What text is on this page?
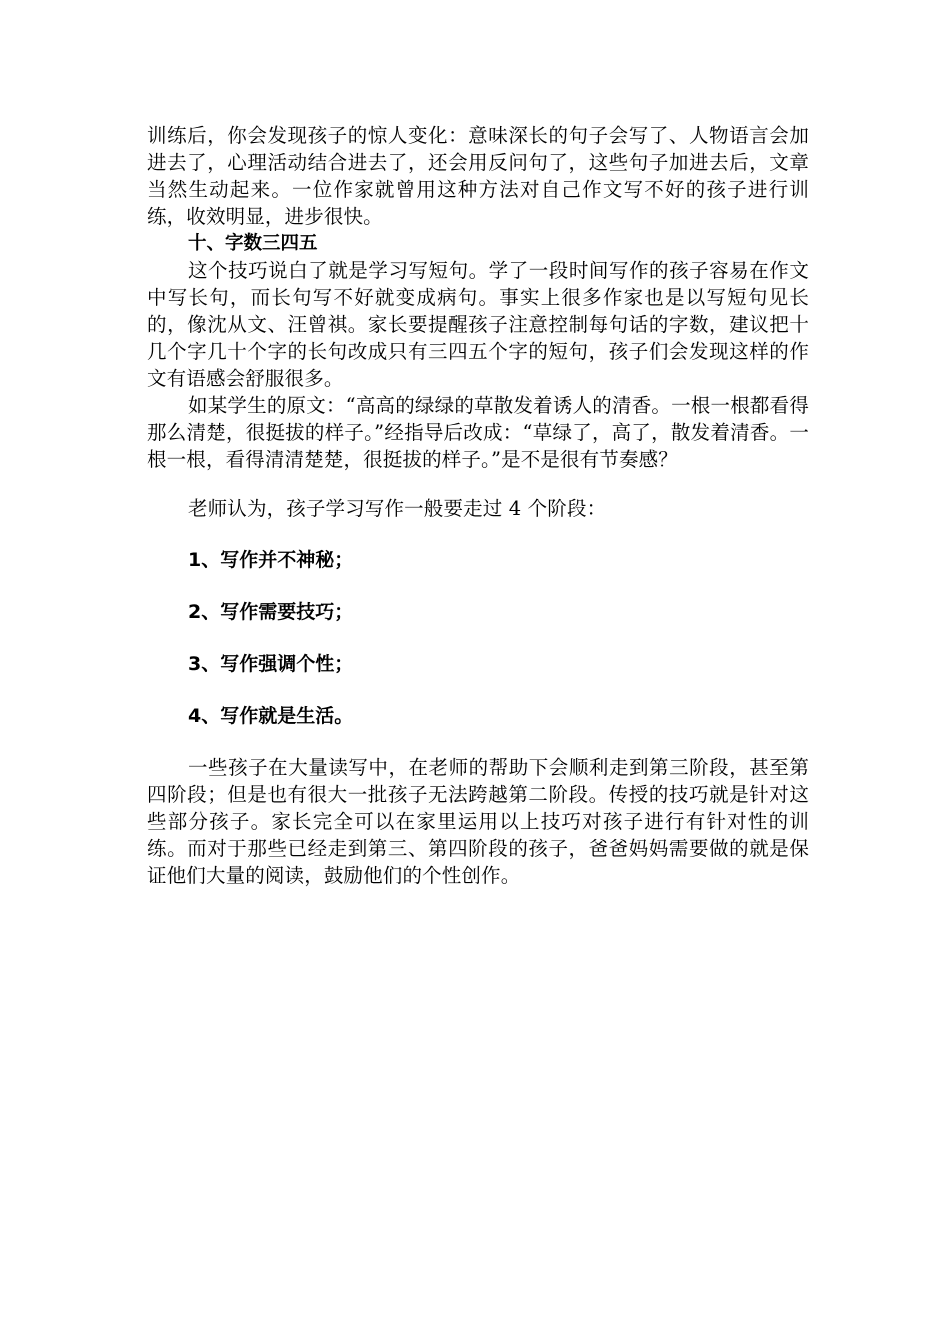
训练后，你会发现孩子的惊人变化：意味深长的句子会写了、人物语言会加进去了，心理活动结合进去了，还会用反问句了，这些句子加进去后，文章当然生动起来。一位作家就曾用这种方法对自己作文写不好的孩子进行训练，收效明显，进步很快。

十、字数三四五

这个技巧说白了就是学习写短句。学了一段时间写作的孩子容易在作文中写长句，而长句写不好就变成病句。事实上很多作家也是以写短句见长的，像沈从文、汪曾祺。家长要提醒孩子注意控制每句话的字数，建议把十几个字几十个字的长句改成只有三四五个字的短句，孩子们会发现这样的作文有语感会舒服很多。

如某学生的原文：“高高的绿绿的草散发着诱人的清香。一根一根都看得那么清楚，很挺拔的样子。”经指导后改成：“草绿了，高了，散发着清香。一根一根，看得清清楚楚，很挺拔的样子。”是不是很有节奏感？

老师认为，孩子学习写作一般要走过 4 个阶段：

1、写作并不神秘；

2、写作需要技巧；

3、写作强调个性；

4、写作就是生活。

一些孩子在大量读写中，在老师的帮助下会顺利走到第三阶段，甚至第四阶段；但是也有很大一批孩子无法跨越第二阶段。传授的技巧就是针对这些部分孩子。家长完全可以在家里运用以上技巧对孩子进行有针对性的训练。而对于那些已经走到第三、第四阶段的孩子，爸爸妈妈需要做的就是保证他们大量的阅读，鼓励他们的个性创作。
